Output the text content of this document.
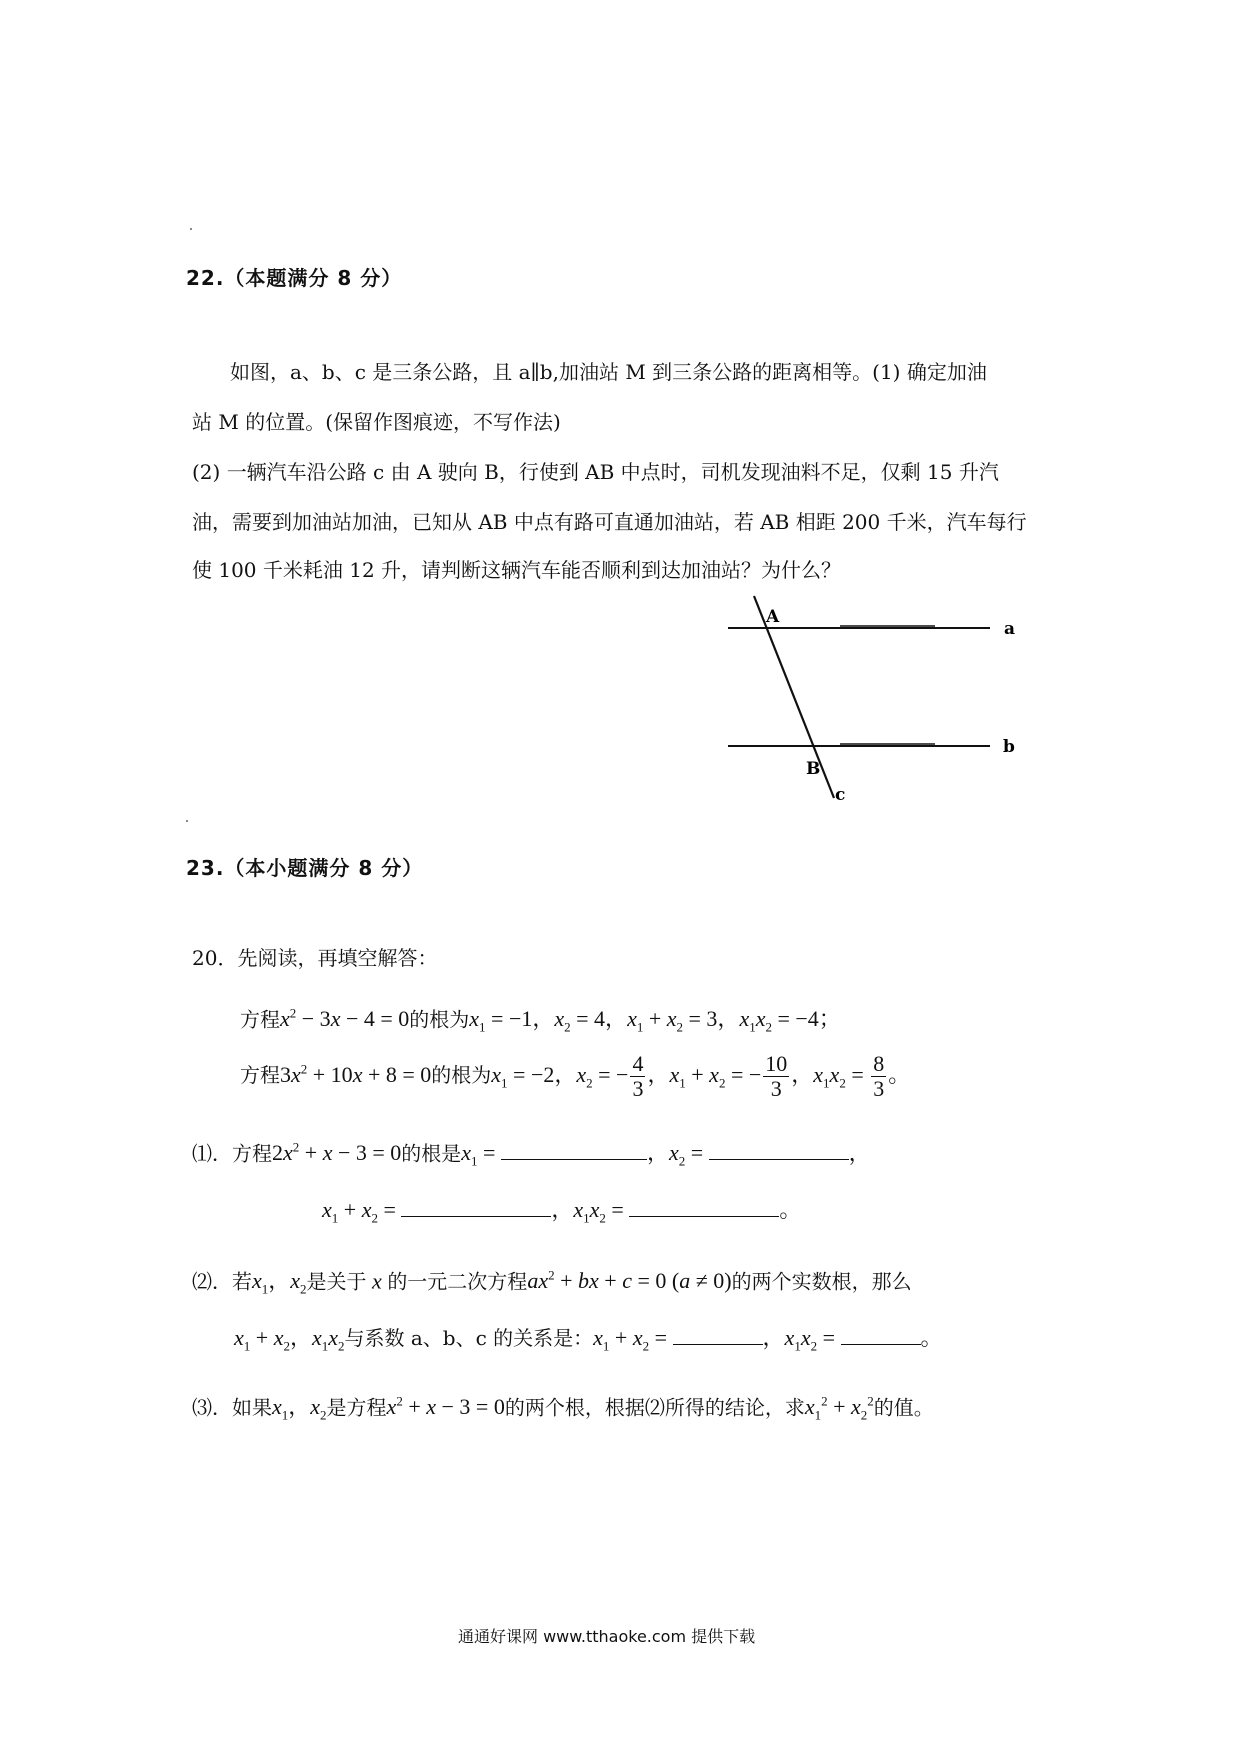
22.（本题满分 8 分）
如图，a、b、c 是三条公路，且 a∥b,加油站 M 到三条公路的距离相等。(1) 确定加油
站 M 的位置。(保留作图痕迹，不写作法)
(2) 一辆汽车沿公路 c 由 A 驶向 B，行使到 AB 中点时，司机发现油料不足，仅剩 15 升汽
油，需要到加油站加油，已知从 AB 中点有路可直通加油站，若 AB 相距 200 千米，汽车每行
使 100 千米耗油 12 升，请判断这辆汽车能否顺利到达加油站？为什么？
A
B
a
b
c
23.（本小题满分 8 分）
20．先阅读，再填空解答：
方程$x^2 - 3x - 4 = 0$的根为$x_1 = -1$，$x_2 = 4$，$x_1 + x_2 = 3$，$x_1x_2 = -4$；
方程$3x^2 + 10x + 8 = 0$的根为$x_1 = -2$，$x_2$ = − $\frac{4}{3}$ ，$x_1 + x_2$ = − $\frac{10}{3}$ ，$x_1x_2 = \frac{8}{3}$ 。
⑴．方程$2x^2 + x - 3 = 0$的根是$x_1$ =	，$x_2$ =	，
$x_1 + x_2$ =	，$x_1x_2$ =	。
⑵．若$x_1$，$x_2$是关于 x 的一元二次方程$ax^2$ + bx + c = 0 (a ≠ 0)的两个实数根，那么
$x_1 + x_2$，$x_1x_2$与系数 a、b、c 的关系是：$x_1 + x_2$ =	，$x_1x_2$ =	。
⑶．如果$x_1$，$x_2$是方程$x^2 + x - 3 = 0$的两个根，根据⑵所得的结论，求$x_1^2 + x_2^2$的值。
通通好课网 www.tthaoke.com 提供下载
